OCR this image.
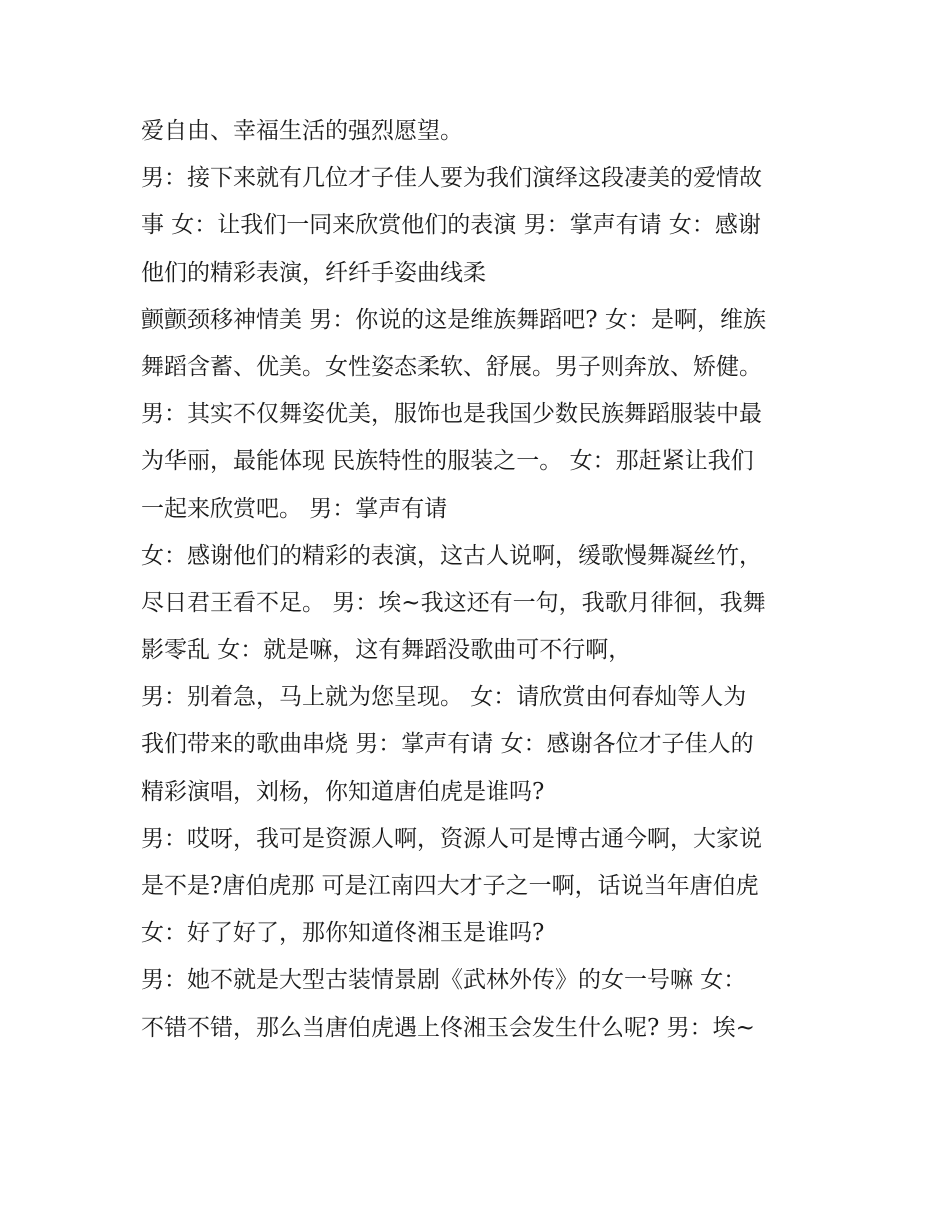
爱自由、幸福生活的强烈愿望。
男：接下来就有几位才子佳人要为我们演绎这段凄美的爱情故
事 女：让我们一同来欣赏他们的表演 男：掌声有请 女：感谢
他们的精彩表演，纤纤手姿曲线柔
颤颤颈移神情美 男：你说的这是维族舞蹈吧? 女：是啊，维族
舞蹈含蓄、优美。女性姿态柔软、舒展。男子则奔放、矫健。
男：其实不仅舞姿优美，服饰也是我国少数民族舞蹈服装中最
为华丽，最能体现 民族特性的服装之一。 女：那赶紧让我们
一起来欣赏吧。 男：掌声有请
女：感谢他们的精彩的表演，这古人说啊，缓歌慢舞凝丝竹，
尽日君王看不足。 男：埃~我这还有一句，我歌月徘徊，我舞
影零乱 女：就是嘛，这有舞蹈没歌曲可不行啊，
男：别着急，马上就为您呈现。 女：请欣赏由何春灿等人为
我们带来的歌曲串烧 男：掌声有请 女：感谢各位才子佳人的
精彩演唱，刘杨，你知道唐伯虎是谁吗?
男：哎呀，我可是资源人啊，资源人可是博古通今啊，大家说
是不是?唐伯虎那 可是江南四大才子之一啊，话说当年唐伯虎
女：好了好了，那你知道佟湘玉是谁吗?
男：她不就是大型古装情景剧《武林外传》的女一号嘛 女：
不错不错，那么当唐伯虎遇上佟湘玉会发生什么呢? 男：埃~
